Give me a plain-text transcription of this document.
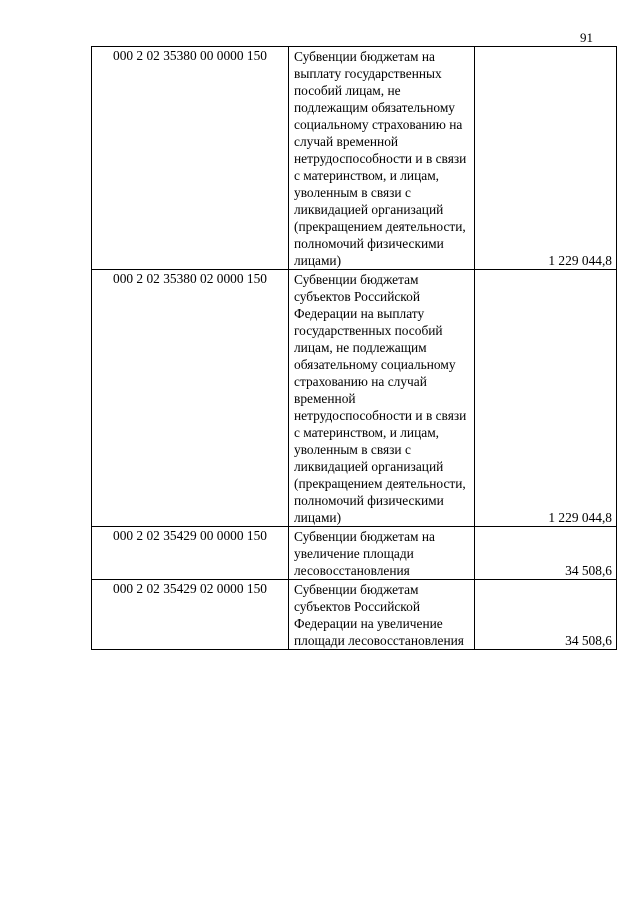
91
000 2 02 35380 00 0000 150	Субвенции бюджетам на выплату государственных пособий лицам, не подлежащим обязательному социальному страхованию на случай временной нетрудоспособности и в связи с материнством, и лицам, уволенным в связи с ликвидацией организаций (прекращением деятельности, полномочий физическими лицами)	1 229 044,8

000 2 02 35380 02 0000 150	Субвенции бюджетам субъектов Российской Федерации на выплату государственных пособий лицам, не подлежащим обязательному социальному страхованию на случай временной нетрудоспособности и в связи с материнством, и лицам, уволенным в связи с ликвидацией организаций (прекращением деятельности, полномочий физическими лицами)	1 229 044,8

000 2 02 35429 00 0000 150	Субвенции бюджетам на увеличение площади лесовосстановления	34 508,6

000 2 02 35429 02 0000 150	Субвенции бюджетам субъектов Российской Федерации на увеличение площади лесовосстановления	34 508,6
